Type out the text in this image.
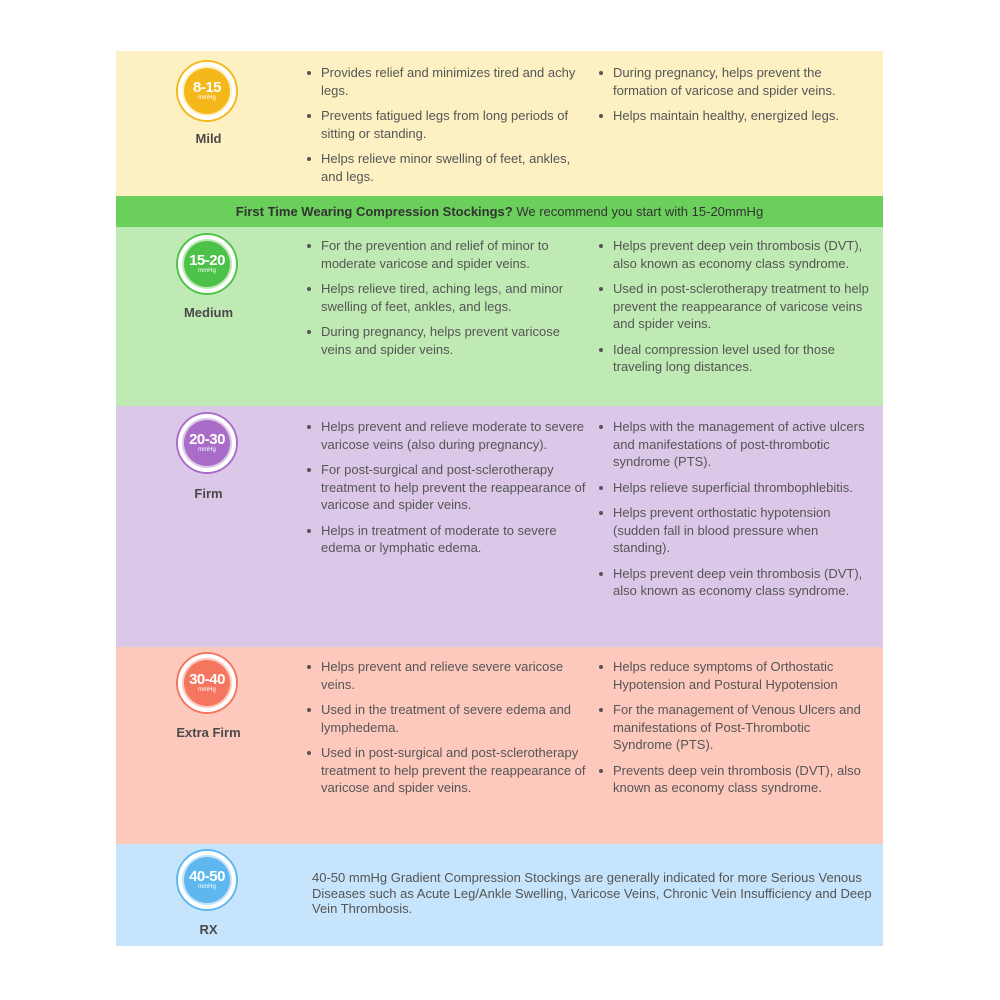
8-15
mmHg
Mild
Provides relief and minimizes tired and achy legs.
Prevents fatigued legs from long periods of sitting or standing.
Helps relieve minor swelling of feet, ankles, and legs.
During pregnancy, helps prevent the formation of varicose and spider veins.
Helps maintain healthy, energized legs.
First Time Wearing Compression Stockings? We recommend you start with 15-20mmHg
15-20
mmHg
Medium
For the prevention and relief of minor to moderate varicose and spider veins.
Helps relieve tired, aching legs, and minor swelling of feet, ankles, and legs.
During pregnancy, helps prevent varicose veins and spider veins.
Helps prevent deep vein thrombosis (DVT), also known as economy class syndrome.
Used in post-sclerotherapy treatment to help prevent the reappearance of varicose veins and spider veins.
Ideal compression level used for those traveling long distances.
20-30
mmHg
Firm
Helps prevent and relieve moderate to severe varicose veins (also during pregnancy).
For post-surgical and post-sclerotherapy treatment to help prevent the reappearance of varicose and spider veins.
Helps in treatment of moderate to severe edema or lymphatic edema.
Helps with the management of active ulcers and manifestations of post-thrombotic syndrome (PTS).
Helps relieve superficial thrombophlebitis.
Helps prevent orthostatic hypotension (sudden fall in blood pressure when standing).
Helps prevent deep vein thrombosis (DVT), also known as economy class syndrome.
30-40
mmHg
Extra Firm
Helps prevent and relieve severe varicose veins.
Used in the treatment of severe edema and lymphedema.
Used in post-surgical and post-sclerotherapy treatment to help prevent the reappearance of varicose and spider veins.
Helps reduce symptoms of Orthostatic Hypotension and Postural Hypotension
For the management of Venous Ulcers and manifestations of Post-Thrombotic Syndrome (PTS).
Prevents deep vein thrombosis (DVT), also known as economy class syndrome.
40-50
mmHg
RX
40-50 mmHg Gradient Compression Stockings are generally indicated for more Serious Venous Diseases such as Acute Leg/Ankle Swelling, Varicose Veins, Chronic Vein Insufficiency and Deep Vein Thrombosis.
